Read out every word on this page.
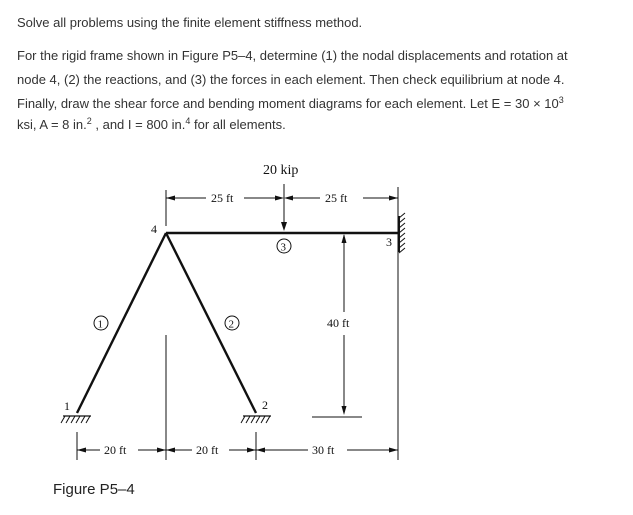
Solve all problems using the finite element stiffness method.
For the rigid frame shown in Figure P5–4, determine (1) the nodal displacements and rotation at
node 4, (2) the reactions, and (3) the forces in each element. Then check equilibrium at node 4.
Finally, draw the shear force and bending moment diagrams for each element. Let $E = 30 \times 10^3$
ksi, A = 8 in.$^2$ , and I = 800 in.$^4$ for all elements.
20 kip
25 ft	25 ft
40 ft
20 ft	20 ft	30 ft
1	2
3
4
1	2
3
Figure P5–4
